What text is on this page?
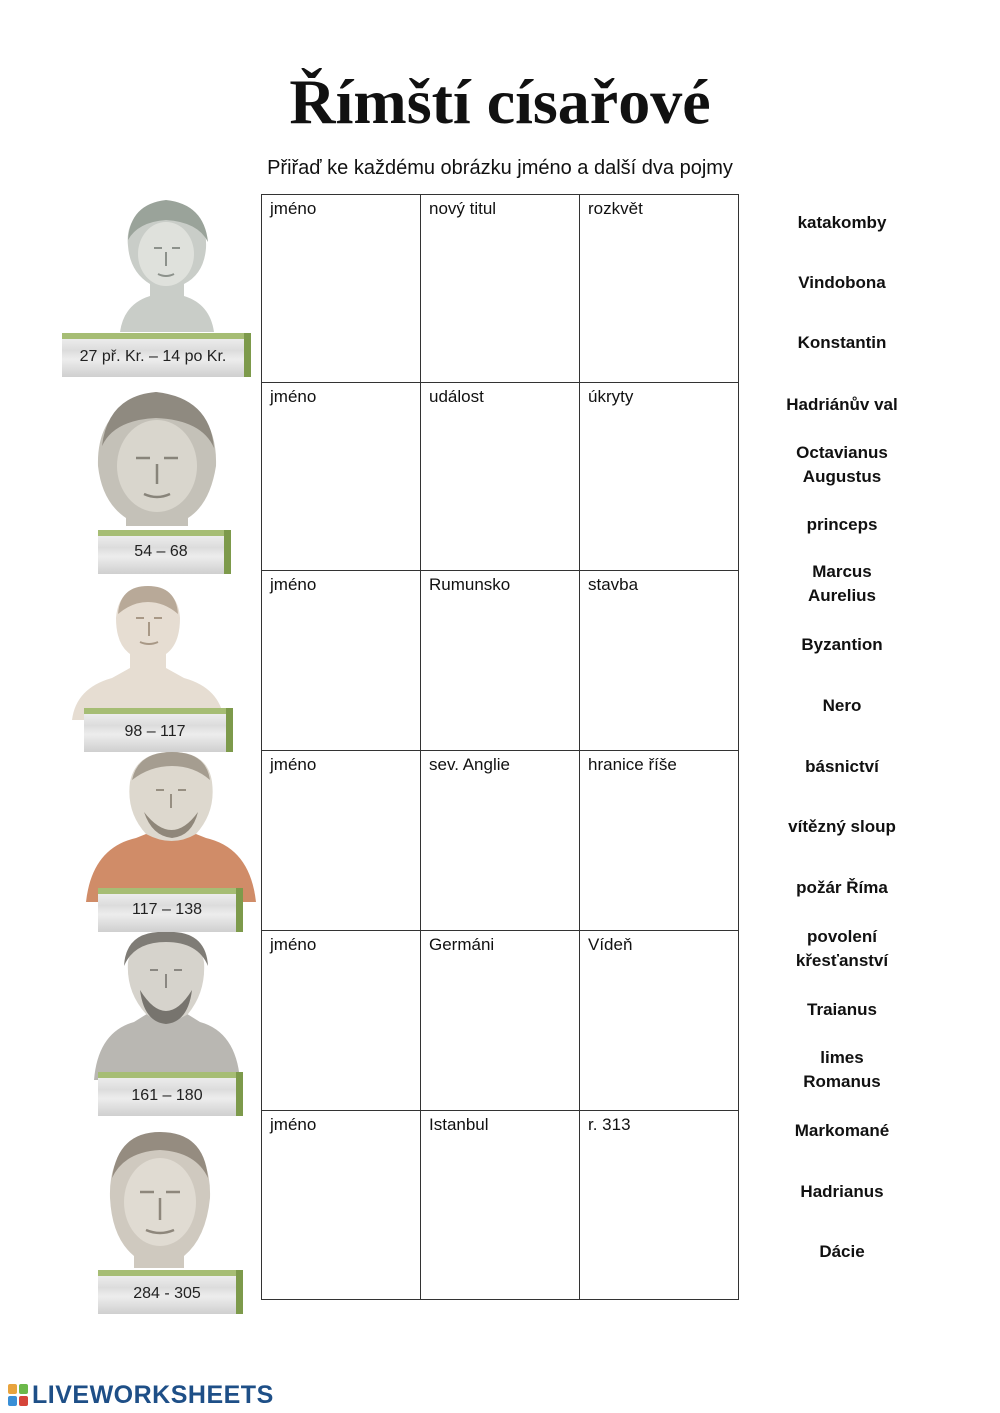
Římští císařové
Přiřaď ke každému obrázku jméno a další dva pojmy
27 př. Kr. – 14 po Kr.
54 – 68
98 – 117
117 – 138
161 – 180
284 - 305
jméno	nový titul	rozkvět
jméno	událost	úkryty
jméno	Rumunsko	stavba
jméno	sev. Anglie	hranice říše
jméno	Germáni	Vídeň
jméno	Istanbul	r. 313
katakomby
Vindobona
Konstantin
Hadriánův val
Octavianus
Augustus
princeps
Marcus
Aurelius
Byzantion
Nero
básnictví
vítězný sloup
požár Říma
povolení
křesťanství
Traianus
limes
Romanus
Markomané
Hadrianus
Dácie
LIVEWORKSHEETS
